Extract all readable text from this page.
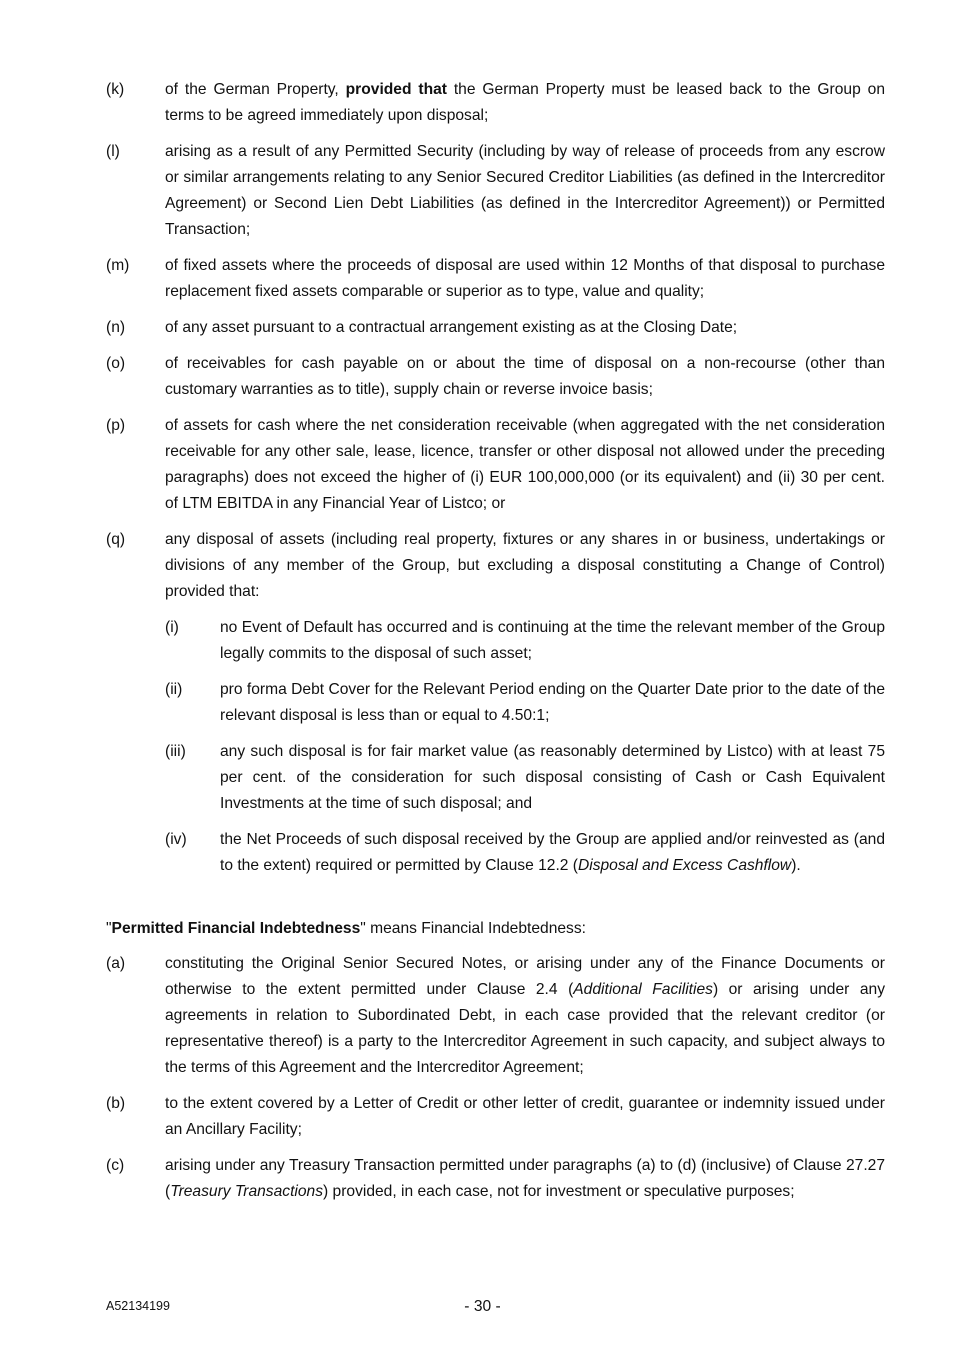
(k)	of the German Property, provided that the German Property must be leased back to the Group on terms to be agreed immediately upon disposal;
(l)	arising as a result of any Permitted Security (including by way of release of proceeds from any escrow or similar arrangements relating to any Senior Secured Creditor Liabilities (as defined in the Intercreditor Agreement) or Second Lien Debt Liabilities (as defined in the Intercreditor Agreement)) or Permitted Transaction;
(m) of fixed assets where the proceeds of disposal are used within 12 Months of that disposal to purchase replacement fixed assets comparable or superior as to type, value and quality;
(n)	of any asset pursuant to a contractual arrangement existing as at the Closing Date;
(o)	of receivables for cash payable on or about the time of disposal on a non-recourse (other than customary warranties as to title), supply chain or reverse invoice basis;
(p)	of assets for cash where the net consideration receivable (when aggregated with the net consideration receivable for any other sale, lease, licence, transfer or other disposal not allowed under the preceding paragraphs) does not exceed the higher of (i) EUR 100,000,000 (or its equivalent) and (ii) 30 per cent. of LTM EBITDA in any Financial Year of Listco; or
(q)	any disposal of assets (including real property, fixtures or any shares in or business, undertakings or divisions of any member of the Group, but excluding a disposal constituting a Change of Control) provided that:
(i)	no Event of Default has occurred and is continuing at the time the relevant member of the Group legally commits to the disposal of such asset;
(ii) pro forma Debt Cover for the Relevant Period ending on the Quarter Date prior to the date of the relevant disposal is less than or equal to 4.50:1;
(iii) any such disposal is for fair market value (as reasonably determined by Listco) with at least 75 per cent. of the consideration for such disposal consisting of Cash or Cash Equivalent Investments at the time of such disposal; and
(iv) the Net Proceeds of such disposal received by the Group are applied and/or reinvested as (and to the extent) required or permitted by Clause 12.2 (Disposal and Excess Cashflow).
"Permitted Financial Indebtedness" means Financial Indebtedness:
(a)	constituting the Original Senior Secured Notes, or arising under any of the Finance Documents or otherwise to the extent permitted under Clause 2.4 (Additional Facilities) or arising under any agreements in relation to Subordinated Debt, in each case provided that the relevant creditor (or representative thereof) is a party to the Intercreditor Agreement in such capacity, and subject always to the terms of this Agreement and the Intercreditor Agreement;
(b)	to the extent covered by a Letter of Credit or other letter of credit, guarantee or indemnity issued under an Ancillary Facility;
(c)	arising under any Treasury Transaction permitted under paragraphs (a) to (d) (inclusive) of Clause 27.27 (Treasury Transactions) provided, in each case, not for investment or speculative purposes;
A52134199	- 30 -
